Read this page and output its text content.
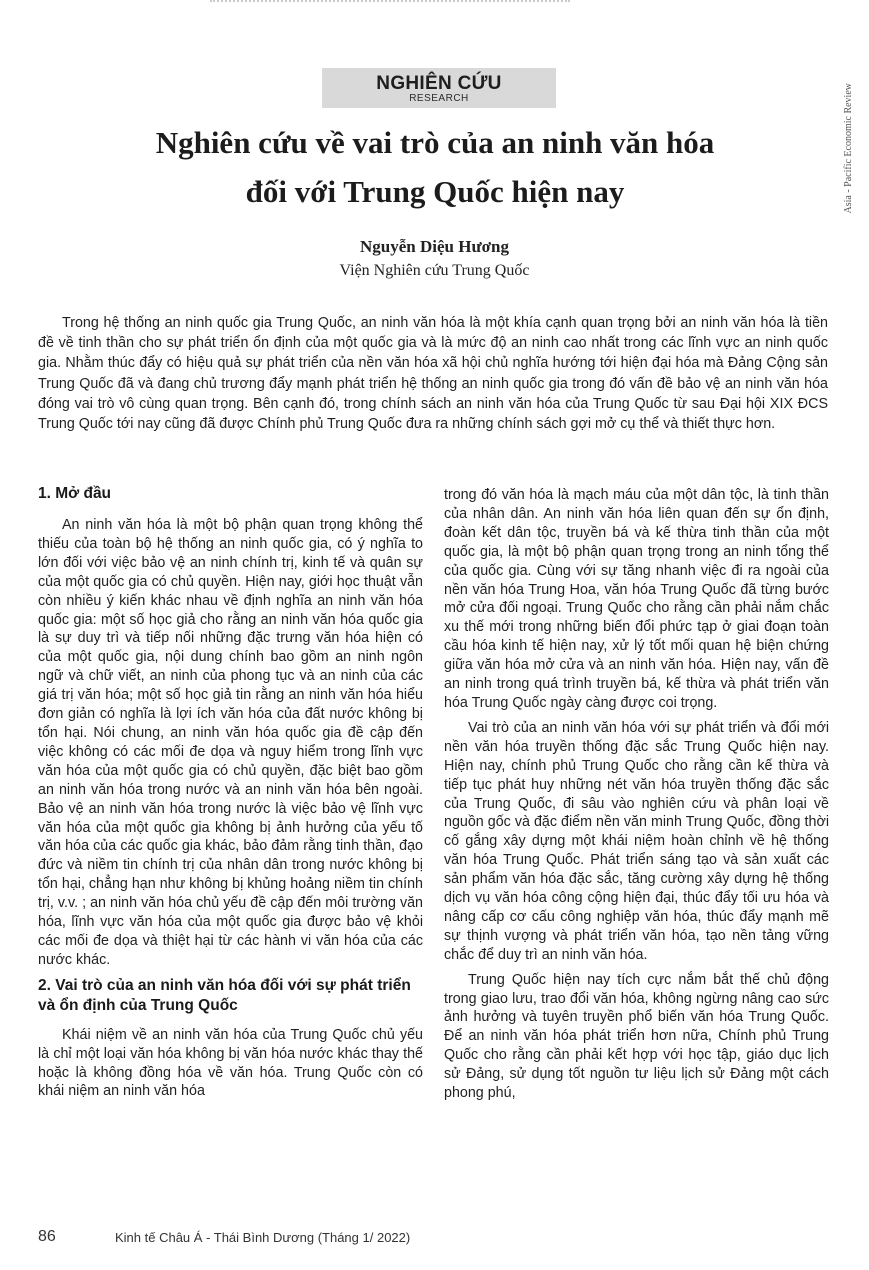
NGHIÊN CỨU
RESEARCH	Asia - Pacific Economic Review
Nghiên cứu về vai trò của an ninh văn hóa
đối với Trung Quốc hiện nay
Nguyễn Diệu Hương
Viện Nghiên cứu Trung Quốc

Trong hệ thống an ninh quốc gia Trung Quốc, an ninh văn hóa là một khía cạnh quan trọng bởi an ninh văn hóa là tiền đề về tinh thần cho sự phát triển ổn định của một quốc gia và là mức độ an ninh cao nhất trong các lĩnh vực an ninh quốc gia. Nhằm thúc đẩy có hiệu quả sự phát triển của nền văn hóa xã hội chủ nghĩa hướng tới hiện đại hóa mà Đảng Cộng sản Trung Quốc đã và đang chủ trương đẩy mạnh phát triển hệ thống an ninh quốc gia trong đó vấn đề bảo vệ an ninh văn hóa đóng vai trò vô cùng quan trọng. Bên cạnh đó, trong chính sách an ninh văn hóa của Trung Quốc từ sau Đại hội XIX ĐCS Trung Quốc tới nay cũng đã được Chính phủ Trung Quốc đưa ra những chính sách gợi mở cụ thể và thiết thực hơn.

1. Mở đầu

An ninh văn hóa là một bộ phận quan trọng không thể thiếu của toàn bộ hệ thống an ninh quốc gia, có ý nghĩa to lớn đối với việc bảo vệ an ninh chính trị, kinh tế và quân sự của một quốc gia có chủ quyền. Hiện nay, giới học thuật vẫn còn nhiều ý kiến khác nhau về định nghĩa an ninh văn hóa quốc gia: một số học giả cho rằng an ninh văn hóa quốc gia là sự duy trì và tiếp nối những đặc trưng văn hóa hiện có của một quốc gia, nội dung chính bao gồm an ninh ngôn ngữ và chữ viết, an ninh của phong tục và an ninh của các giá trị văn hóa; một số học giả tin rằng an ninh văn hóa hiểu đơn giản có nghĩa là lợi ích văn hóa của đất nước không bị tổn hại. Nói chung, an ninh văn hóa quốc gia đề cập đến việc không có các mối đe dọa và nguy hiểm trong lĩnh vực văn hóa của một quốc gia có chủ quyền, đặc biệt bao gồm an ninh văn hóa trong nước và an ninh văn hóa bên ngoài. Bảo vệ an ninh văn hóa trong nước là việc bảo vệ lĩnh vực văn hóa của một quốc gia không bị ảnh hưởng của yếu tố văn hóa của các quốc gia khác, bảo đảm rằng tinh thần, đạo đức và niềm tin chính trị của nhân dân trong nước không bị tổn hại, chẳng hạn như không bị khủng hoảng niềm tin chính trị, v.v. ; an ninh văn hóa chủ yếu đề cập đến môi trường văn hóa, lĩnh vực văn hóa của một quốc gia được bảo vệ khỏi các mối đe dọa và thiệt hại từ các hành vi văn hóa của các nước khác.

2. Vai trò của an ninh văn hóa đối với sự phát triển và ổn định của Trung Quốc

Khái niệm về an ninh văn hóa của Trung Quốc chủ yếu là chỉ một loại văn hóa không bị văn hóa nước khác thay thế hoặc là không đồng hóa về văn hóa. Trung Quốc còn có khái niệm an ninh văn hóa

trong đó văn hóa là mạch máu của một dân tộc, là tinh thần của nhân dân. An ninh văn hóa liên quan đến sự ổn định, đoàn kết dân tộc, truyền bá và kế thừa tinh thần của một quốc gia, là một bộ phận quan trọng trong an ninh tổng thể của quốc gia. Cùng với sự tăng nhanh việc đi ra ngoài của nền văn hóa Trung Hoa, văn hóa Trung Quốc đã từng bước mở cửa đối ngoại. Trung Quốc cho rằng cần phải nắm chắc xu thế mới trong những biến đổi phức tạp ở giai đoạn toàn cầu hóa kinh tế hiện nay, xử lý tốt mối quan hệ biện chứng giữa văn hóa mở cửa và an ninh văn hóa. Hiện nay, vấn đề an ninh trong quá trình truyền bá, kế thừa và phát triển văn hóa Trung Quốc ngày càng được coi trọng.

Vai trò của an ninh văn hóa với sự phát triển và đổi mới nền văn hóa truyền thống đặc sắc Trung Quốc hiện nay. Hiện nay, chính phủ Trung Quốc cho rằng cần kế thừa và tiếp tục phát huy những nét văn hóa truyền thống đặc sắc của Trung Quốc, đi sâu vào nghiên cứu và phân loại về nguồn gốc và đặc điểm nền văn minh Trung Quốc, đồng thời cố gắng xây dựng một khái niệm hoàn chỉnh về hệ thống văn hóa Trung Quốc. Phát triển sáng tạo và sản xuất các sản phẩm văn hóa đặc sắc, tăng cường xây dựng hệ thống dịch vụ văn hóa công cộng hiện đại, thúc đẩy tối ưu hóa và nâng cấp cơ cấu công nghiệp văn hóa, thúc đẩy mạnh mẽ sự thịnh vượng và phát triển văn hóa, tạo nền tảng vững chắc để duy trì an ninh văn hóa.

Trung Quốc hiện nay tích cực nắm bắt thế chủ động trong giao lưu, trao đổi văn hóa, không ngừng nâng cao sức ảnh hưởng và tuyên truyền phổ biến văn hóa Trung Quốc. Để an ninh văn hóa phát triển hơn nữa, Chính phủ Trung Quốc cho rằng cần phải kết hợp với học tập, giáo dục lịch sử Đảng, sử dụng tốt nguồn tư liệu lịch sử Đảng một cách phong phú,

86	Kinh tế Châu Á - Thái Bình Dương (Tháng 1/ 2022)
